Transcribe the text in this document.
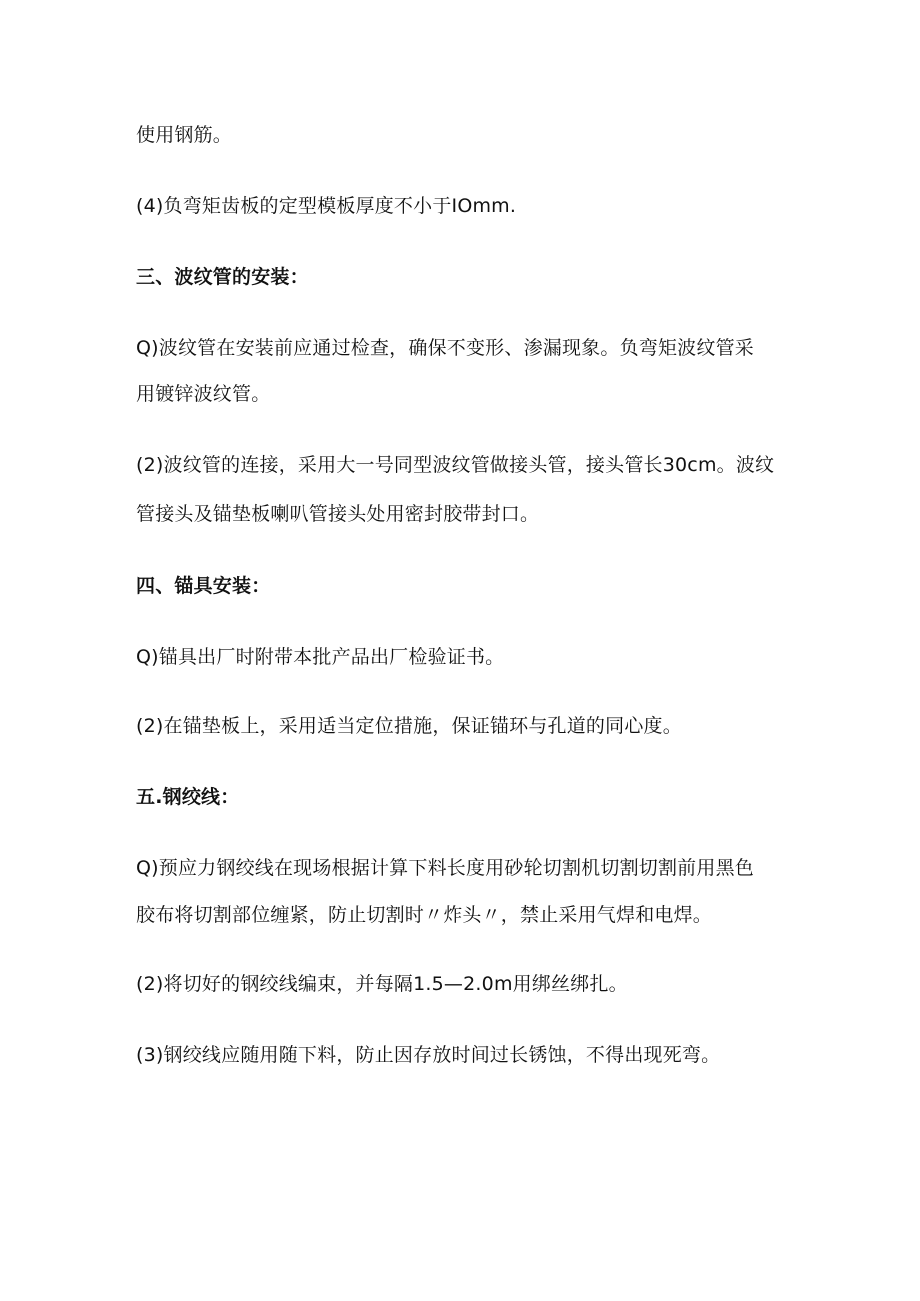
使用钢筋。
(4)负弯矩齿板的定型模板厚度不小于IOmm.
三、波纹管的安装：
Q)波纹管在安装前应通过检查，确保不变形、渗漏现象。负弯矩波纹管采
用镀锌波纹管。
(2)波纹管的连接，采用大一号同型波纹管做接头管，接头管长30cm。波纹
管接头及锚垫板喇叭管接头处用密封胶带封口。
四、锚具安装：
Q)锚具出厂时附带本批产品出厂检验证书。
(2)在锚垫板上，采用适当定位措施，保证锚环与孔道的同心度。
五.钢绞线：
Q)预应力钢绞线在现场根据计算下料长度用砂轮切割机切割切割前用黑色
胶布将切割部位缠紧，防止切割时〃炸头〃，禁止采用气焊和电焊。
(2)将切好的钢绞线编束，并每隔1.5—2.0m用绑丝绑扎。
(3)钢绞线应随用随下料，防止因存放时间过长锈蚀，不得出现死弯。
